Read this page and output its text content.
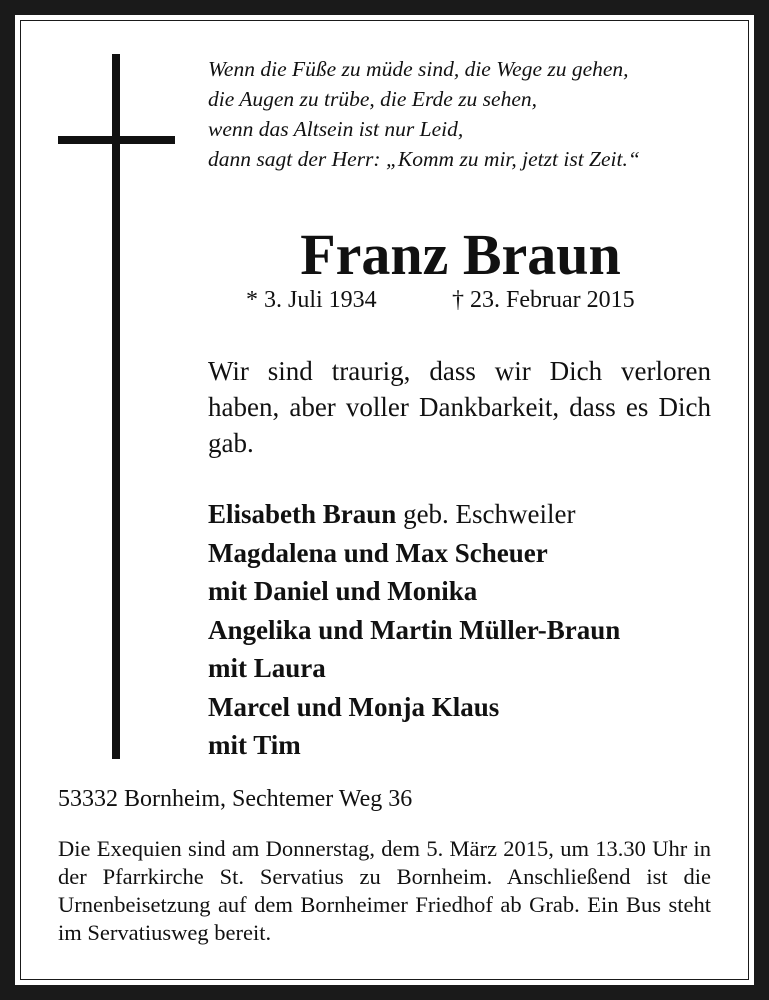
Wenn die Füße zu müde sind, die Wege zu gehen,
die Augen zu trübe, die Erde zu sehen,
wenn das Altsein ist nur Leid,
dann sagt der Herr: „Komm zu mir, jetzt ist Zeit.“
Franz Braun
* 3. Juli 1934	† 23. Februar 2015

Wir sind traurig, dass wir Dich verloren haben, aber voller Dankbarkeit, dass es Dich gab.

Elisabeth Braun geb. Eschweiler
Magdalena und Max Scheuer
mit Daniel und Monika
Angelika und Martin Müller-Braun
mit Laura
Marcel und Monja Klaus
mit Tim
53332 Bornheim, Sechtemer Weg 36

Die Exequien sind am Donnerstag, dem 5. März 2015, um 13.30 Uhr in der Pfarrkirche St. Servatius zu Bornheim. Anschließend ist die Urnenbeisetzung auf dem Bornheimer Friedhof ab Grab. Ein Bus steht im Servatiusweg bereit.
